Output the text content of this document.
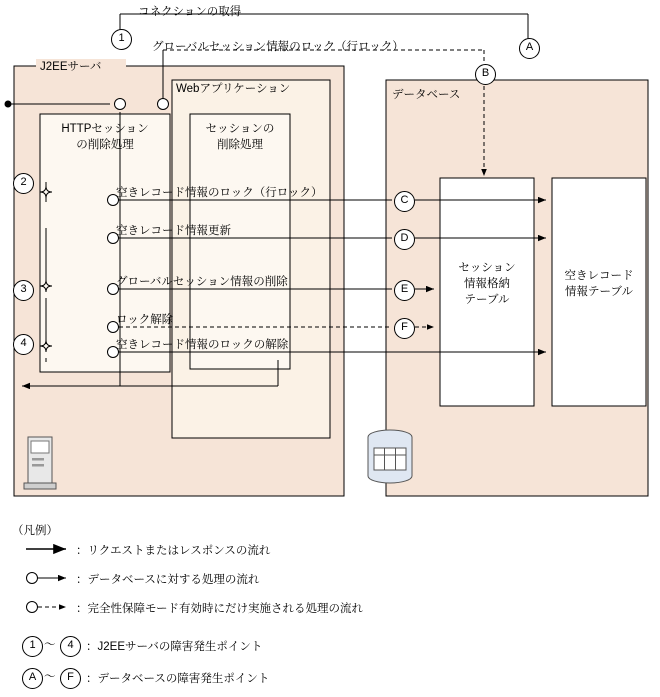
コネクションの取得
グローバルセッション情報のロック（行ロック）
J2EEサーバ
Webアプリケーション	データベース
HTTPセッション
の削除処理
セッションの
削除処理
セッション
情報格納
テーブル
空きレコード
情報テーブル
空きレコード情報のロック（行ロック）
空きレコード情報更新
グローバルセッション情報の削除
ロック解除
空きレコード情報のロックの解除
1
A
B
2
3
4
C
D
E
F
（凡例）
：リクエストまたはレスポンスの流れ
：データベースに対する処理の流れ
：完全性保障モード有効時にだけ実施される処理の流れ
1 ～	4	：J2EEサーバの障害発生ポイント
A ～	F	：データベースの障害発生ポイント
